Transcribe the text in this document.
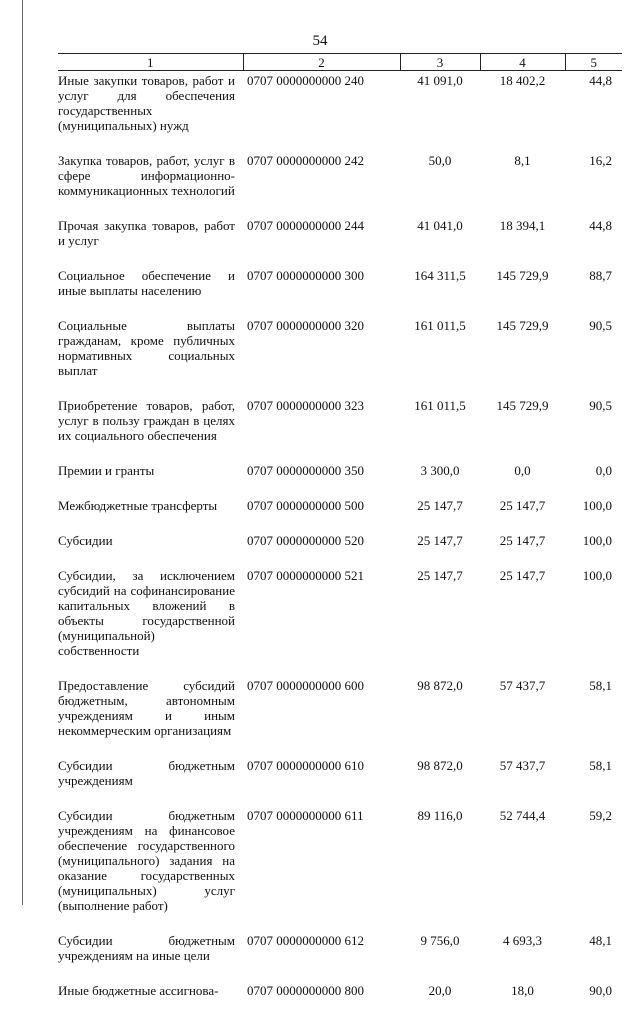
54
1	2	3	4	5
Иные закупки товаров, работ и услуг для обеспечения государственных (муниципальных) нужд	0707 0000000000 240	41 091,0	18 402,2	44,8
Закупка товаров, работ, услуг в сфере информационно-коммуникационных технологий	0707 0000000000 242	50,0	8,1	16,2
Прочая закупка товаров, работ и услуг	0707 0000000000 244	41 041,0	18 394,1	44,8
Социальное обеспечение и иные выплаты населению	0707 0000000000 300	164 311,5	145 729,9	88,7
Социальные выплаты гражданам, кроме публичных нормативных социальных выплат	0707 0000000000 320	161 011,5	145 729,9	90,5
Приобретение товаров, работ, услуг в пользу граждан в целях их социального обеспечения	0707 0000000000 323	161 011,5	145 729,9	90,5
Премии и гранты	0707 0000000000 350	3 300,0	0,0	0,0
Межбюджетные трансферты	0707 0000000000 500	25 147,7	25 147,7	100,0
Субсидии	0707 0000000000 520	25 147,7	25 147,7	100,0
Субсидии, за исключением субсидий на софинансирование капитальных вложений в объекты государственной (муниципальной) собственности	0707 0000000000 521	25 147,7	25 147,7	100,0
Предоставление субсидий бюджетным, автономным учреждениям и иным некоммерческим организациям	0707 0000000000 600	98 872,0	57 437,7	58,1
Субсидии бюджетным учреждениям	0707 0000000000 610	98 872,0	57 437,7	58,1
Субсидии бюджетным учреждениям на финансовое обеспечение государственного (муниципального) задания на оказание государственных (муниципальных) услуг (выполнение работ)	0707 0000000000 611	89 116,0	52 744,4	59,2
Субсидии бюджетным учреждениям на иные цели	0707 0000000000 612	9 756,0	4 693,3	48,1
Иные бюджетные ассигнова-	0707 0000000000 800	20,0	18,0	90,0
